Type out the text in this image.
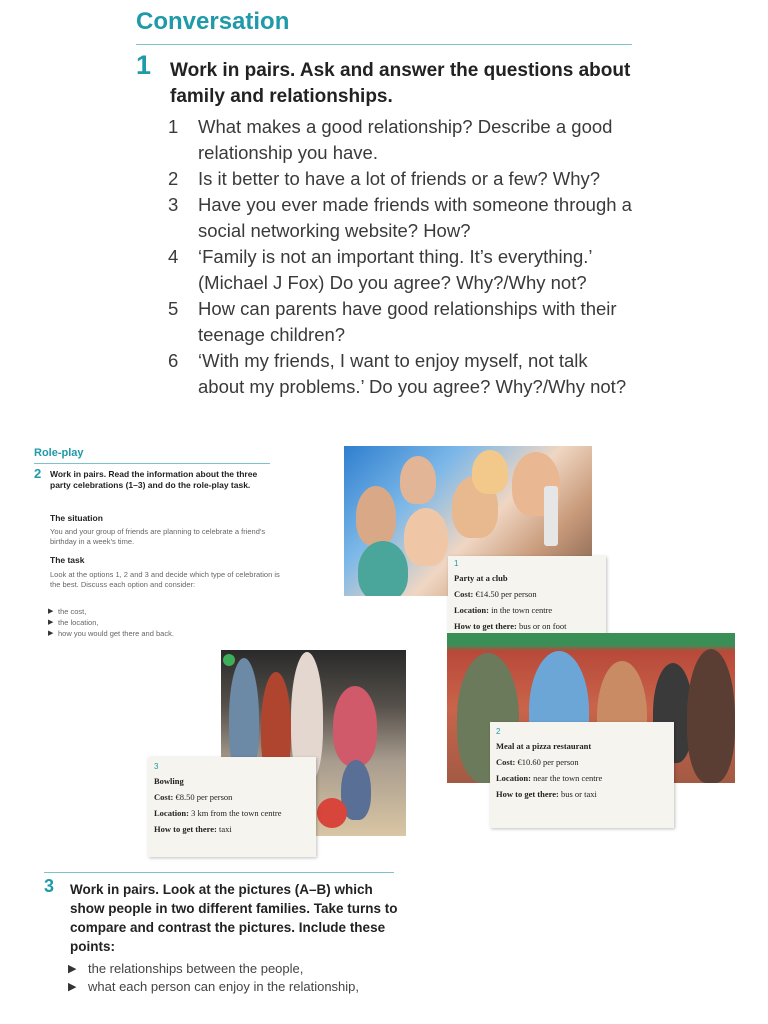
Conversation
1 Work in pairs. Ask and answer the questions about family and relationships.
1	What makes a good relationship? Describe a good relationship you have.
2	Is it better to have a lot of friends or a few? Why?
3	Have you ever made friends with someone through a social networking website? How?
4	‘Family is not an important thing. It’s everything.’ (Michael J Fox) Do you agree? Why?/Why not?
5	How can parents have good relationships with their teenage children?
6	‘With my friends, I want to enjoy myself, not talk about my problems.’ Do you agree? Why?/Why not?
Role-play
2 Work in pairs. Read the information about the three party celebrations (1–3) and do the role-play task.
The situation
You and your group of friends are planning to celebrate a friend’s birthday in a week’s time.
The task
Look at the options 1, 2 and 3 and decide which type of celebration is the best. Discuss each option and consider:
▶ the cost,
▶ the location,
▶ how you would get there and back.
1
Party at a club
Cost: €14.50 per person
Location: in the town centre
How to get there: bus or on foot
3
Bowling
Cost: €8.50 per person
Location: 3 km from the town centre
How to get there: taxi
2
Meal at a pizza restaurant
Cost: €10.60 per person
Location: near the town centre
How to get there: bus or taxi
3 Work in pairs. Look at the pictures (A–B) which show people in two different families. Take turns to compare and contrast the pictures. Include these points:
▶ the relationships between the people,
▶ what each person can enjoy in the relationship,
